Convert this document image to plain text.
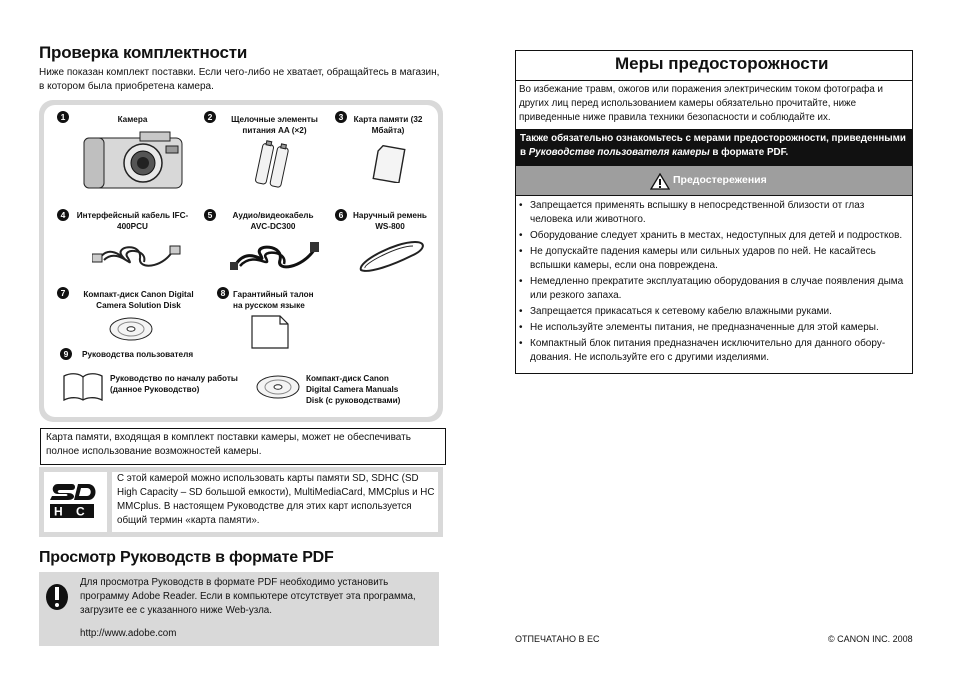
Проверка комплектности
Ниже показан комплект поставки. Если чего-либо не хватает, обращайтесь в магазин, в котором была приобретена камера.
1	Камера	2	Щелочные элементы питания AA (×2)
3	Карта памяти (32 Мбайта)
4	Интерфейсный кабель IFC-400PCU
5	Аудио/видеокабель AVC-DC300
6	Наручный ремень WS-800
7	Компакт-диск Canon Digital Camera Solution Disk
8 Гарантийный талон на русском языке
9	Руководства пользователя
Руководство по началу работы (данное Руководство)
Компакт-диск Canon Digital Camera Manuals Disk (с руководствами)
Карта памяти, входящая в комплект поставки камеры, может не обеспечивать полное использование возможностей камеры.
H C
С этой камерой можно использовать карты памяти SD, SDHC (SD High Capacity – SD большой емкости), MultiMediaCard, MMCplus и HC MMCplus. В настоящем Руководстве для этих карт используется общий термин «карта памяти».
Просмотр Руководств в формате PDF
Для просмотра Руководств в формате PDF необходимо установить программу Adobe Reader. Если в компьютере отсутствует эта программа, загрузите ее с указанного ниже Web-узла.
http://www.adobe.com
Меры предосторожности
Во избежание травм, ожогов или поражения электрическим током фотографа и других лиц перед использованием камеры обязательно прочитайте, ниже приведенные ниже правила техники безопасности и соблюдайте их.
Также обязательно ознакомьтесь с мерами предосторожности, приведенными в Руководстве пользователя камеры в формате PDF.
Предостережения
• Запрещается применять вспышку в непосредственной близости от глаз человека или животного.
• Оборудование следует хранить в местах, недоступных для детей и подростков.
• Не допускайте падения камеры или сильных ударов по ней. Не касайтесь вспышки камеры, если она повреждена.
• Немедленно прекратите эксплуатацию оборудования в случае появления дыма или резкого запаха.
• Запрещается прикасаться к сетевому кабелю влажными руками.
• Не используйте элементы питания, не предназначенные для этой камеры.
• Компактный блок питания предназначен исключительно для данного оборудования. Не используйте его с другими изделиями.
ОТПЕЧАТАНО В ЕС	© CANON INC. 2008
